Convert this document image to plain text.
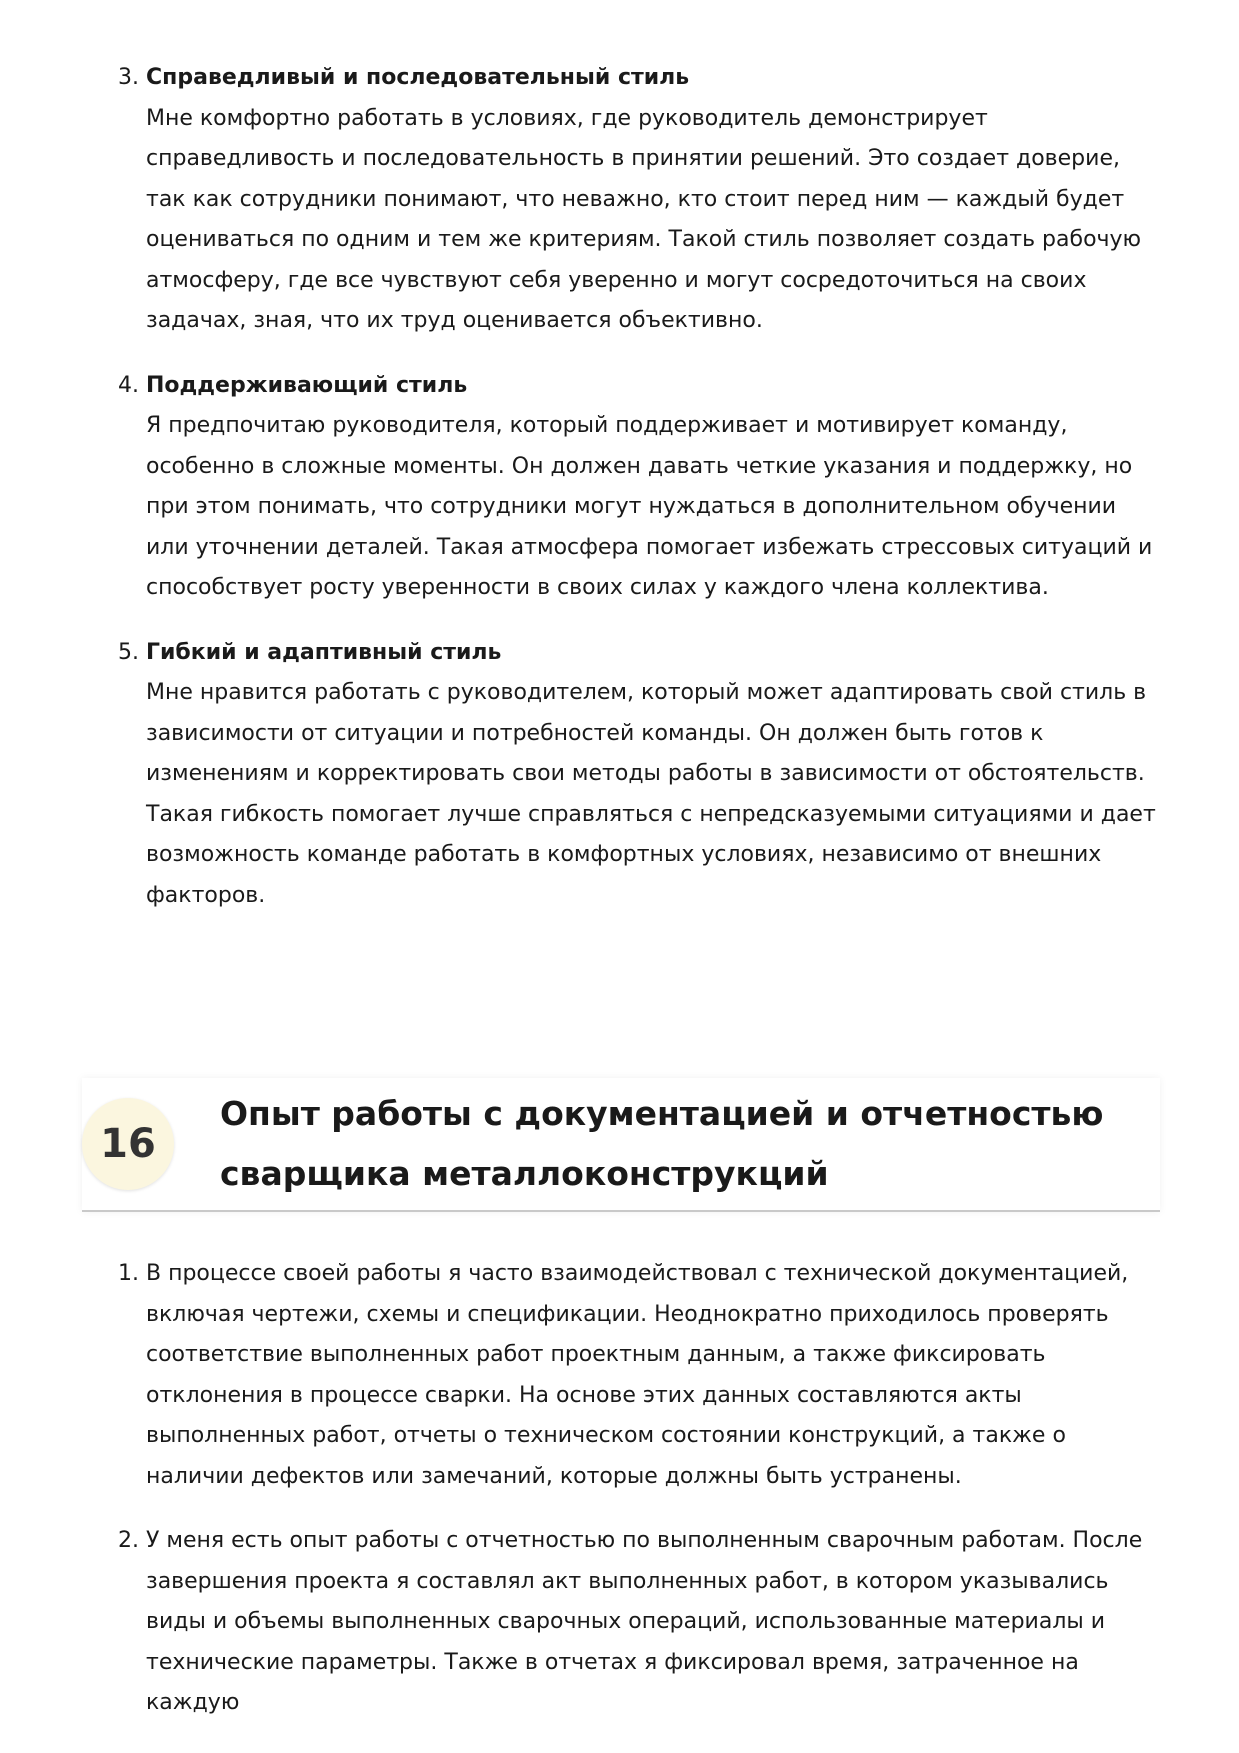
3. Справедливый и последовательный стиль
Мне комфортно работать в условиях, где руководитель демонстрирует справедливость и последовательность в принятии решений. Это создает доверие, так как сотрудники понимают, что неважно, кто стоит перед ним — каждый будет оцениваться по одним и тем же критериям. Такой стиль позволяет создать рабочую атмосферу, где все чувствуют себя уверенно и могут сосредоточиться на своих задачах, зная, что их труд оценивается объективно.
4. Поддерживающий стиль
Я предпочитаю руководителя, который поддерживает и мотивирует команду, особенно в сложные моменты. Он должен давать четкие указания и поддержку, но при этом понимать, что сотрудники могут нуждаться в дополнительном обучении или уточнении деталей. Такая атмосфера помогает избежать стрессовых ситуаций и способствует росту уверенности в своих силах у каждого члена коллектива.
5. Гибкий и адаптивный стиль
Мне нравится работать с руководителем, который может адаптировать свой стиль в зависимости от ситуации и потребностей команды. Он должен быть готов к изменениям и корректировать свои методы работы в зависимости от обстоятельств. Такая гибкость помогает лучше справляться с непредсказуемыми ситуациями и дает возможность команде работать в комфортных условиях, независимо от внешних факторов.
16
Опыт работы с документацией и отчетностью сварщика металлоконструкций
1. В процессе своей работы я часто взаимодействовал с технической документацией, включая чертежи, схемы и спецификации. Неоднократно приходилось проверять соответствие выполненных работ проектным данным, а также фиксировать отклонения в процессе сварки. На основе этих данных составляются акты выполненных работ, отчеты о техническом состоянии конструкций, а также о наличии дефектов или замечаний, которые должны быть устранены.
2. У меня есть опыт работы с отчетностью по выполненным сварочным работам. После завершения проекта я составлял акт выполненных работ, в котором указывались виды и объемы выполненных сварочных операций, использованные материалы и технические параметры. Также в отчетах я фиксировал время, затраченное на каждую
